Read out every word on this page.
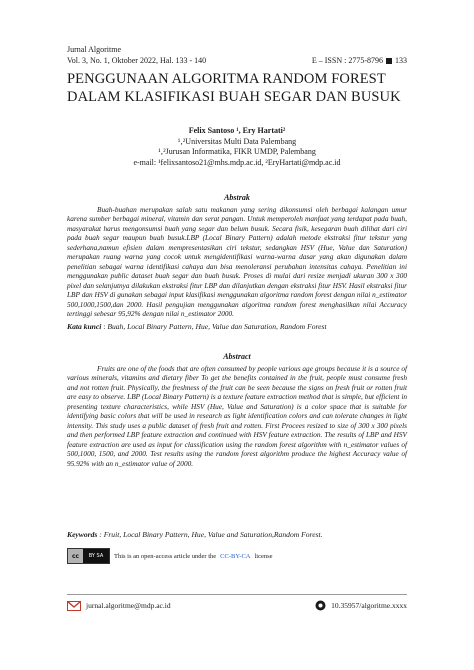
Jurnal Algoritme
Vol. 3, No. 1, Oktober 2022, Hal. 133 - 140	E – ISSN : 2775-8796 133
PENGGUNAAN ALGORITMA RANDOM FOREST
DALAM KLASIFIKASI BUAH SEGAR DAN BUSUK
Felix Santoso ¹, Ery Hartati²
¹‚²Universitas Multi Data Palembang
¹‚²Jurusan Informatika, FIKR UMDP, Palembang
e-mail: ¹felixsantoso21@mhs.mdp.ac.id, ²EryHartati@mdp.ac.id
Abstrak

Buah-buahan merupakan salah satu makanan yang sering dikonsumsi oleh berbagai kalangan umur karena sumber berbagai mineral, vitamin dan serat pangan. Untuk memperoleh manfaat yang terdapat pada buah, masyarakat harus mengonsumsi buah yang segar dan belum busuk. Secara fisik, kesegaran buah dilihat dari ciri pada buah segar maupun buah busuk.LBP (Local Binary Pattern) adalah metode ekstraksi fitur tekstur yang sederhana,namun efisien dalam mempresentasikan ciri tekstur, sedangkan HSV (Hue, Value dan Saturation) merupakan ruang warna yang cocok untuk mengidentifikasi warna-warna dasar yang akan digunakan dalam penelitian sebagai warna identifikasi cahaya dan bisa menoleransi perubahan intensitas cahaya. Penelitian ini menggunakan public dataset buah segar dan buah busuk. Proses di mulai dari resize menjadi ukuran 300 x 300 pixel dan selanjutnya dilakukan ekstraksi fitur LBP dan dilanjutkan dengan ekstraksi fitur HSV. Hasil ekstraksi fitur LBP dan HSV di gunakan sebagai input klasifikasi menggunakan algoritma random forest dengan nilai n_estimator 500,1000,1500,dan 2000. Hasil pengujian menggunakan algoritma random forest menghasilkan nilai Accuracy tertinggi sebesar 95,92% dengan nilai n_estimator 2000.

Kata kunci : Buah, Local Binary Pattern, Hue, Value dan Saturation, Random Forest
Abstract

Fruits are one of the foods that are often consumed by people various age groups because it is a source of various minerals, vitamins and dietary fiber To get the benefits contained in the fruit, people must consume fresh and not rotten fruit. Physically, the freshness of the fruit can be seen because the signs on fresh fruit or rotten fruit are easy to observe. LBP (Local Binary Pattern) is a texture feature extraction method that is simple, but efficient in presenting texture characteristics, while HSV (Hue, Value and Saturation) is a color space that is suitable for identifying basic colors that will be used in research as light identification colors and can tolerate changes in light intensity. This study uses a public dataset of fresh fruit and rotten. First Procees resized to size of 300 x 300 pixels and then performed LBP feature extraction and continued with HSV feature extraction. The results of LBP and HSV feature extraction are used as input for classification using the random forest algorithm with n_estimator values of 500,1000, 1500, and 2000. Test results using the random forest algorithm produce the highest Accuracy value of 95.92% with an n_estimator value of 2000.

Keywords : Fruit, Local Binary Pattern, Hue, Value and Saturation,Random Forest.
cc	BY SA	This is an open-access article under the CC-BY-CA license
jurnal.algoritme@mdp.ac.id	10.35957/algoritme.xxxx
